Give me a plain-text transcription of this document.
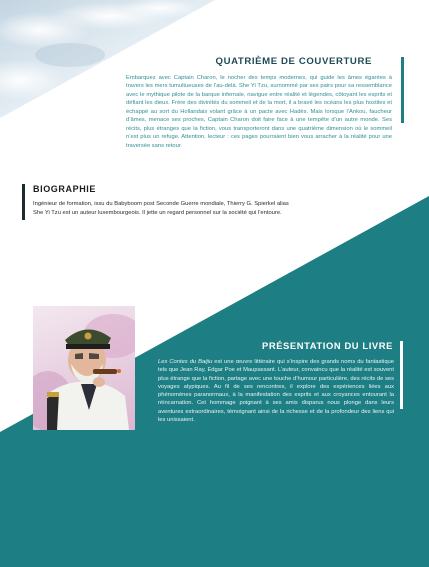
QUATRIÈME DE COUVERTURE

Embarquez avec Captain Charon, le nocher des temps modernes, qui guide les âmes égarées à travers les mers tumultueuses de l’au-delà. She Yi Tzu, surnommé par ses pairs pour sa ressemblance avec le mythique pilote de la barque infernale, navigue entre réalité et légendes, côtoyant les esprits et défiant les dieux. Frère des divinités du sommeil et de la mort, il a bravé les océans les plus hostiles et échappé au sort du Hollandais volant grâce à un pacte avec Hadès. Mais lorsque l’Ankou, faucheur d’âmes, menace ses proches, Captain Charon doit faire face à une tempête d’un autre monde. Ses récits, plus étranges que la fiction, vous transporteront dans une quatrième dimension où le sommeil n’est plus un refuge. Attention, lecteur : ces pages pourraient bien vous arracher à la réalité pour une traversée sans retour.

BIOGRAPHIE

Ingénieur de formation, issu du Babyboom post Seconde Guerre mondiale, Thierry G. Spierkel alias She Yi Tzu est un auteur luxembourgeois. Il jette un regard personnel sur la société qui l’entoure.

PRÉSENTATION DU LIVRE

Les Contes du Baijiu est une œuvre littéraire qui s’inspire des grands noms du fantastique tels que Jean Ray, Edgar Poe et Maupassant. L’auteur, convaincu que la réalité est souvent plus étrange que la fiction, partage avec une touche d’humour particulière, des récits de ses voyages atypiques. Au fil de ses rencontres, il explore des expériences liées aux phénomènes paranormaux, à la manifestation des esprits et aux croyances entourant la réincarnation. Cet hommage poignant à ses amis disparus nous plonge dans leurs aventures extraordinaires, témoignant ainsi de la richesse et de la profondeur des liens qui les unissaient.
